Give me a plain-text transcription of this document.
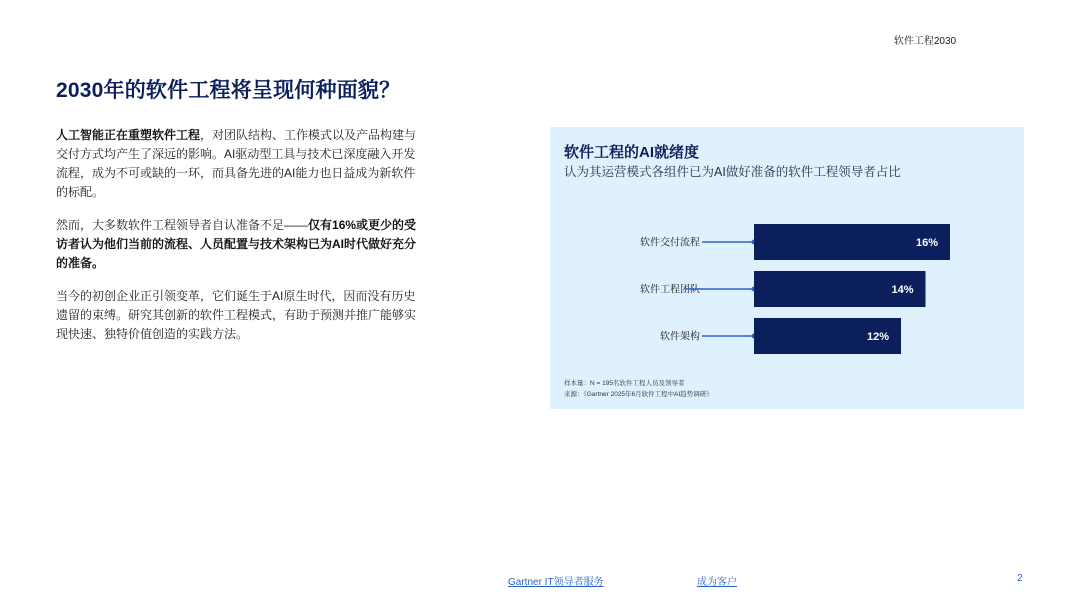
软件工程2030
2030年的软件工程将呈现何种面貌？

人工智能正在重塑软件工程，对团队结构、工作模式以及产品构建与交付方式均产生了深远的影响。AI驱动型工具与技术已深度融入开发流程，成为不可或缺的一环，而具备先进的AI能力也日益成为新软件的标配。

然而，大多数软件工程领导者自认准备不足——仅有16%或更少的受访者认为他们当前的流程、人员配置与技术架构已为AI时代做好充分的准备。

当今的初创企业正引领变革，它们诞生于AI原生时代，因而没有历史遗留的束缚。研究其创新的软件工程模式，有助于预测并推广能够实现快速、独特价值创造的实践方法。

软件工程的AI就绪度
认为其运营模式各组件已为AI做好准备的软件工程领导者占比
软件交付流程	16%
软件工程团队	14%
软件架构	12%
样本量：N = 195名软件工程人员及领导者
来源：《Gartner 2025年6月软件工程中AI趋势调研》
Gartner IT领导者服务	成为客户	2
